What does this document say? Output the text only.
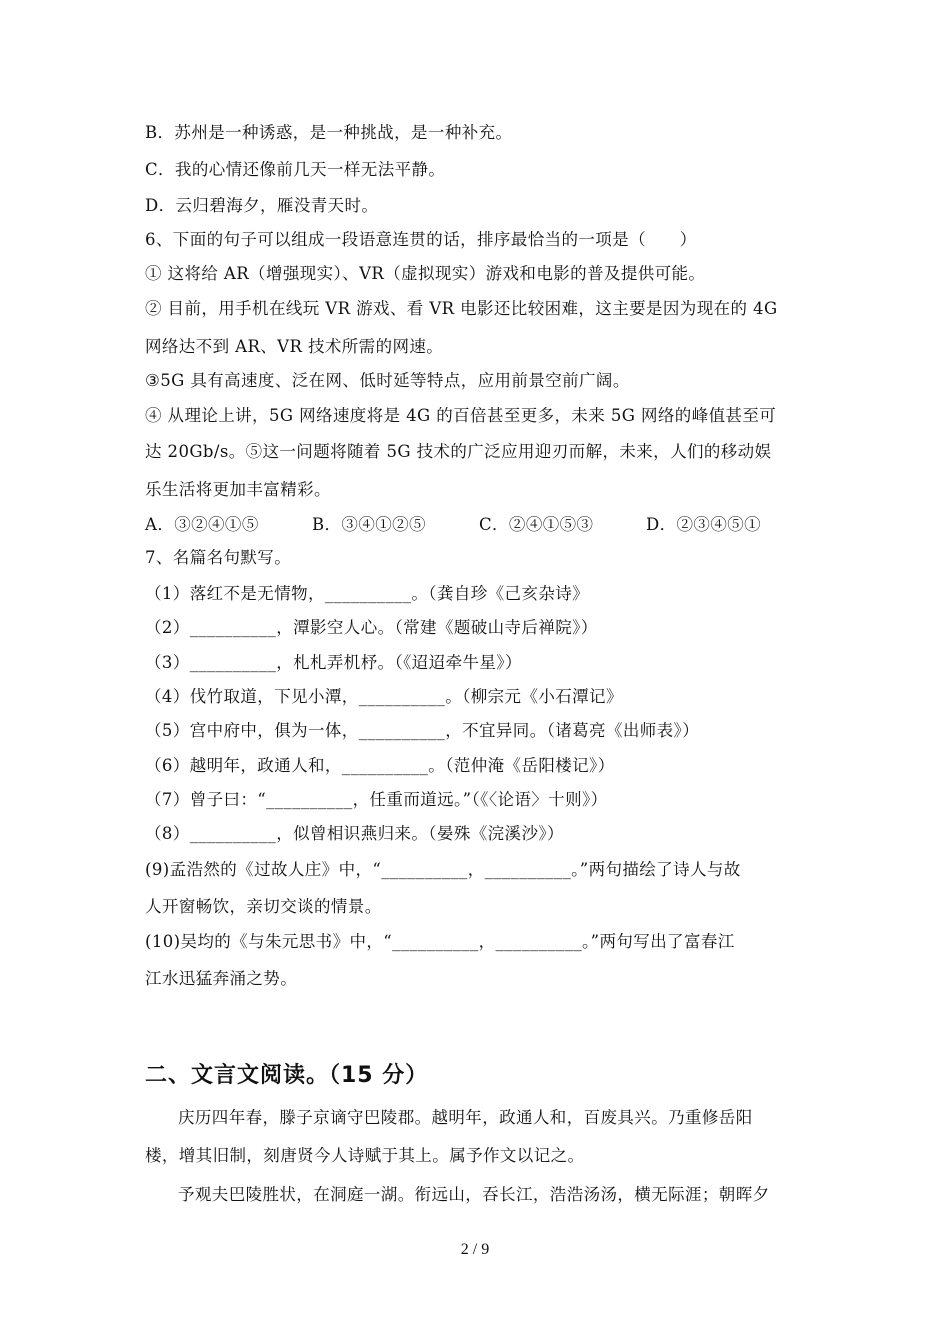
B．苏州是一种诱惑，是一种挑战，是一种补充。
C．我的心情还像前几天一样无法平静。
D．云归碧海夕，雁没青天时。
6、下面的句子可以组成一段语意连贯的话，排序最恰当的一项是（　　）
① 这将给 AR（增强现实）、VR（虚拟现实）游戏和电影的普及提供可能。
② 目前，用手机在线玩 VR 游戏、看 VR 电影还比较困难，这主要是因为现在的 4G
网络达不到 AR、VR 技术所需的网速。
③5G 具有高速度、泛在网、低时延等特点，应用前景空前广阔。
④ 从理论上讲，5G 网络速度将是 4G 的百倍甚至更多，未来 5G 网络的峰值甚至可
达 20Gb/s。⑤这一问题将随着 5G 技术的广泛应用迎刃而解，未来，人们的移动娱
乐生活将更加丰富精彩。
A．③②④①⑤	B．③④①②⑤	C．②④①⑤③	D．②③④⑤①
7、名篇名句默写。
（1）落红不是无情物，__________。（龚自珍《己亥杂诗》
（2）__________，潭影空人心。（常建《题破山寺后禅院》）
（3）__________，札札弄机杼。（《迢迢牵牛星》）
（4）伐竹取道，下见小潭，__________。（柳宗元《小石潭记》
（5）宫中府中，俱为一体，__________，不宜异同。（诸葛亮《出师表》）
（6）越明年，政通人和，__________。（范仲淹《岳阳楼记》）
（7）曾子曰：“__________，任重而道远。”（《〈论语〉十则》）
（8）__________，似曾相识燕归来。（晏殊《浣溪沙》）
(9)孟浩然的《过故人庄》中，“__________，__________。”两句描绘了诗人与故
人开窗畅饮，亲切交谈的情景。
(10)吴均的《与朱元思书》中，“__________，__________。”两句写出了富春江
江水迅猛奔涌之势。
二、文言文阅读。（15 分）
庆历四年春，滕子京谪守巴陵郡。越明年，政通人和，百废具兴。乃重修岳阳
楼，增其旧制，刻唐贤今人诗赋于其上。属予作文以记之。
予观夫巴陵胜状，在洞庭一湖。衔远山，吞长江，浩浩汤汤，横无际涯；朝晖夕
2 / 9
